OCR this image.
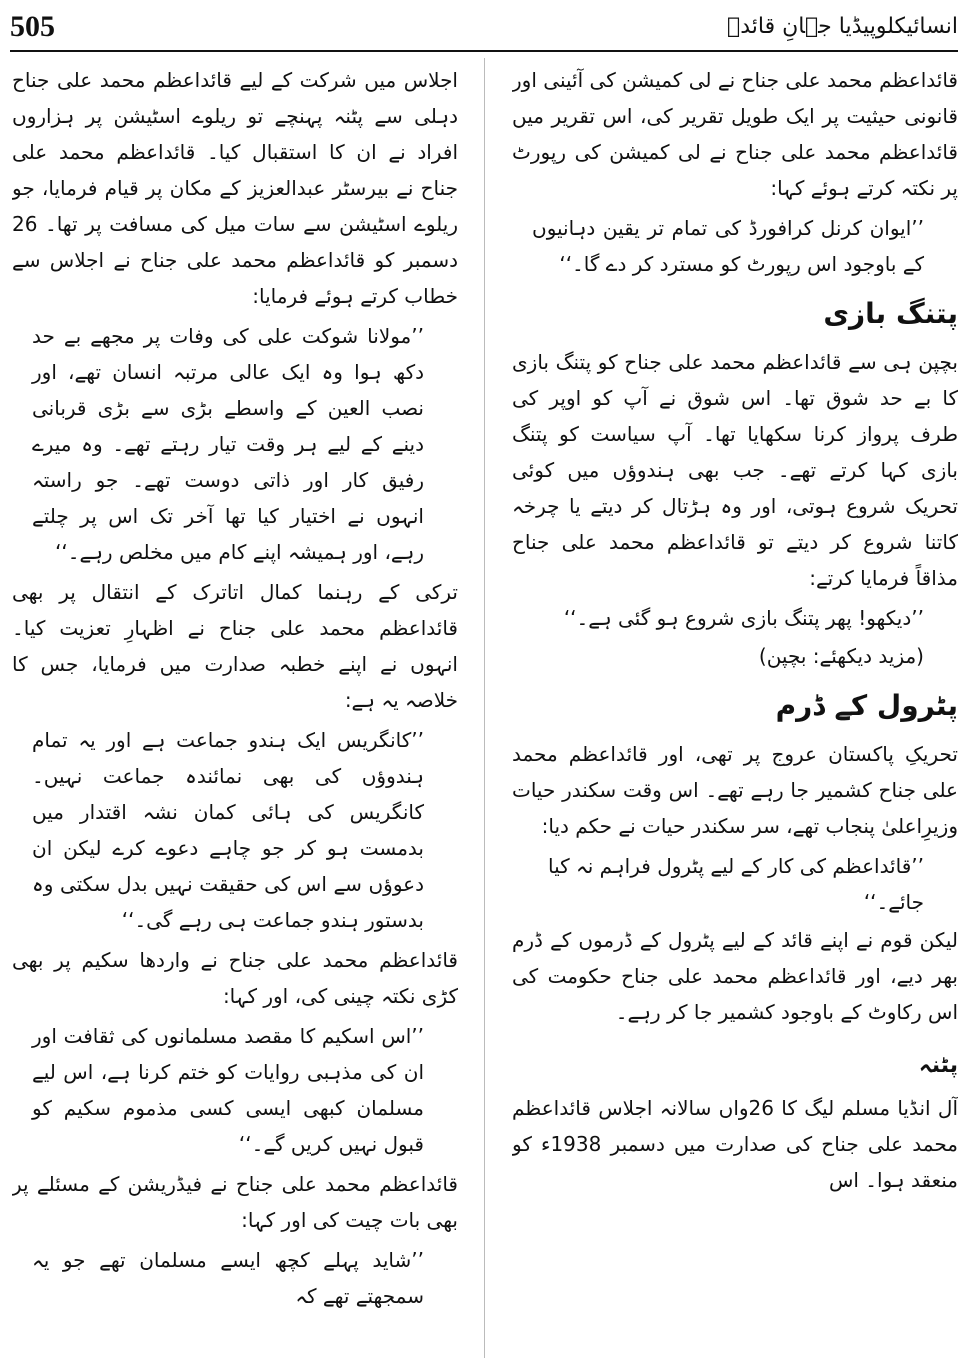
505	انسائیکلوپیڈیا جہانِ قائدؒ

قائداعظم محمد علی جناح نے لی کمیشن کی آئینی اور قانونی حیثیت پر ایک طویل تقریر کی، اس تقریر میں قائداعظم محمد علی جناح نے لی کمیشن کی رپورٹ پر نکتہ کرتے ہوئے کہا:

’’ایوان کرنل کرافورڈ کی تمام تر یقین دہانیوں کے باوجود اس رپورٹ کو مسترد کر دے گا۔‘‘

پتنگ بازی

بچپن ہی سے قائداعظم محمد علی جناح کو پتنگ بازی کا بے حد شوق تھا۔ اس شوق نے آپ کو اوپر کی طرف پرواز کرنا سکھایا تھا۔ آپ سیاست کو پتنگ بازی کہا کرتے تھے۔ جب بھی ہندوؤں میں کوئی تحریک شروع ہوتی، اور وہ ہڑتال کر دیتے یا چرخہ کاتنا شروع کر دیتے تو قائداعظم محمد علی جناح مذاقاً فرمایا کرتے:

’’دیکھو! پھر پتنگ بازی شروع ہو گئی ہے۔‘‘

(مزید دیکھئے: بچپن)

پٹرول کے ڈرم

تحریکِ پاکستان عروج پر تھی، اور قائداعظم محمد علی جناح کشمیر جا رہے تھے۔ اس وقت سکندر حیات وزیرِاعلیٰ پنجاب تھے، سر سکندر حیات نے حکم دیا:

’’قائداعظم کی کار کے لیے پٹرول فراہم نہ کیا جائے۔‘‘

لیکن قوم نے اپنے قائد کے لیے پٹرول کے ڈرموں کے ڈرم بھر دیے، اور قائداعظم محمد علی جناح حکومت کی اس رکاوٹ کے باوجود کشمیر جا کر رہے۔

پٹنہ

آل انڈیا مسلم لیگ کا 26واں سالانہ اجلاس قائداعظم محمد علی جناح کی صدارت میں دسمبر 1938ء کو منعقد ہوا۔ اس

اجلاس میں شرکت کے لیے قائداعظم محمد علی جناح دہلی سے پٹنہ پہنچے تو ریلوے اسٹیشن پر ہزاروں افراد نے ان کا استقبال کیا۔ قائداعظم محمد علی جناح نے بیرسٹر عبدالعزیز کے مکان پر قیام فرمایا، جو ریلوے اسٹیشن سے سات میل کی مسافت پر تھا۔ 26 دسمبر کو قائداعظم محمد علی جناح نے اجلاس سے خطاب کرتے ہوئے فرمایا:

’’مولانا شوکت علی کی وفات پر مجھے بے حد دکھ ہوا وہ ایک عالی مرتبہ انسان تھے، اور نصب العین کے واسطے بڑی سے بڑی قربانی دینے کے لیے ہر وقت تیار رہتے تھے۔ وہ میرے رفیق کار اور ذاتی دوست تھے۔ جو راستہ انہوں نے اختیار کیا تھا آخر تک اس پر چلتے رہے، اور ہمیشہ اپنے کام میں مخلص رہے۔‘‘

ترکی کے رہنما کمال اتاترک کے انتقال پر بھی قائداعظم محمد علی جناح نے اظہارِ تعزیت کیا۔ انہوں نے اپنے خطبہ صدارت میں فرمایا، جس کا خلاصہ یہ ہے:

’’کانگریس ایک ہندو جماعت ہے اور یہ تمام ہندوؤں کی بھی نمائندہ جماعت نہیں۔ کانگریس کی ہائی کمان نشہ اقتدار میں بدمست ہو کر جو چاہے دعوے کرے لیکن ان دعوؤں سے اس کی حقیقت نہیں بدل سکتی وہ بدستور ہندو جماعت ہی رہے گی۔‘‘

قائداعظم محمد علی جناح نے واردھا سکیم پر بھی کڑی نکتہ چینی کی، اور کہا:

’’اس اسکیم کا مقصد مسلمانوں کی ثقافت اور ان کی مذہبی روایات کو ختم کرنا ہے، اس لیے مسلمان کبھی ایسی کسی مذموم سکیم کو قبول نہیں کریں گے۔‘‘

قائداعظم محمد علی جناح نے فیڈریشن کے مسئلے پر بھی بات چیت کی اور کہا:

’’شاید پہلے کچھ ایسے مسلمان تھے جو یہ سمجھتے تھے کہ
